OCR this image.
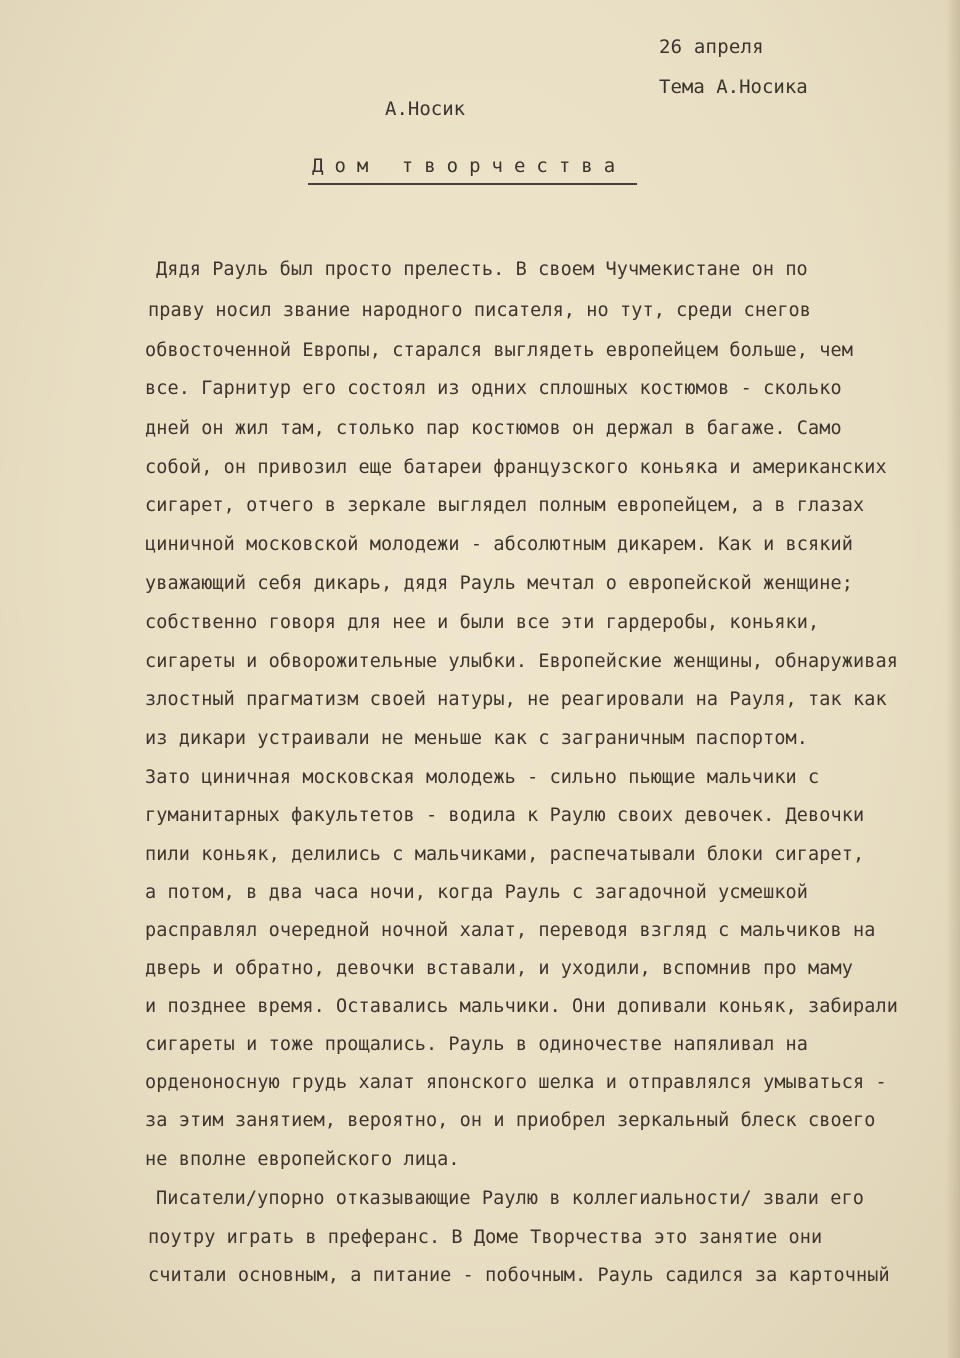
26 апреля
Тема А.Носика
А.Носик
Дом творчества
Дядя Рауль был просто прелесть. В своем Чучмекистане он по
праву носил звание народного писателя, но тут, среди снегов
обвосточенной Европы, старался выглядеть европейцем больше, чем
все. Гарнитур его состоял из одних сплошных костюмов - сколько
дней он жил там, столько пар костюмов он держал в багаже. Само
собой, он привозил еще батареи французского коньяка и американских
сигарет, отчего в зеркале выглядел полным европейцем, а в глазах
циничной московской молодежи - абсолютным дикарем. Как и всякий
уважающий себя дикарь, дядя Рауль мечтал о европейской женщине;
собственно говоря для нее и были все эти гардеробы, коньяки,
сигареты и обворожительные улыбки. Европейские женщины, обнаруживая
злостный прагматизм своей натуры, не реагировали на Рауля, так как
из дикари устраивали не меньше как с заграничным паспортом.
Зато циничная московская молодежь - сильно пьющие мальчики с
гуманитарных факультетов - водила к Раулю своих девочек. Девочки
пили коньяк, делились с мальчиками, распечатывали блоки сигарет,
а потом, в два часа ночи, когда Рауль с загадочной усмешкой
расправлял очередной ночной халат, переводя взгляд с мальчиков на
дверь и обратно, девочки вставали, и уходили, вспомнив про маму
и позднее время. Оставались мальчики. Они допивали коньяк, забирали
сигареты и тоже прощались. Рауль в одиночестве напяливал на
орденоносную грудь халат японского шелка и отправлялся умываться -
за этим занятием, вероятно, он и приобрел зеркальный блеск своего
не вполне европейского лица.
Писатели/упорно отказывающие Раулю в коллегиальности/ звали его
поутру играть в преферанс. В Доме Творчества это занятие они
считали основным, а питание - побочным. Рауль садился за карточный
